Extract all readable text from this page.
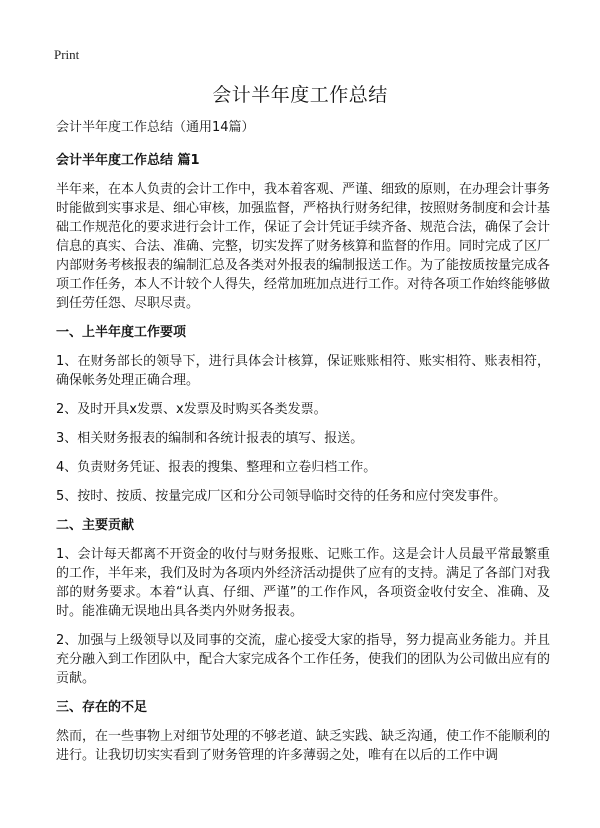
Print
会计半年度工作总结

会计半年度工作总结（通用14篇）

会计半年度工作总结 篇1

半年来，在本人负责的会计工作中，我本着客观、严谨、细致的原则，在办理会计事务时能做到实事求是、细心审核，加强监督，严格执行财务纪律，按照财务制度和会计基础工作规范化的要求进行会计工作，保证了会计凭证手续齐备、规范合法，确保了会计信息的真实、合法、准确、完整，切实发挥了财务核算和监督的作用。同时完成了区厂内部财务考核报表的编制汇总及各类对外报表的编制报送工作。为了能按质按量完成各项工作任务，本人不计较个人得失，经常加班加点进行工作。对待各项工作始终能够做到任劳任怨、尽职尽责。

一、上半年度工作要项

1、在财务部长的领导下，进行具体会计核算，保证账账相符、账实相符、账表相符，确保帐务处理正确合理。

2、及时开具x发票、x发票及时购买各类发票。

3、相关财务报表的编制和各统计报表的填写、报送。

4、负责财务凭证、报表的搜集、整理和立卷归档工作。

5、按时、按质、按量完成厂区和分公司领导临时交待的任务和应付突发事件。

二、主要贡献

1、会计每天都离不开资金的收付与财务报账、记账工作。这是会计人员最平常最繁重的工作，半年来，我们及时为各项内外经济活动提供了应有的支持。满足了各部门对我部的财务要求。本着“认真、仔细、严谨”的工作作风，各项资金收付安全、准确、及时。能准确无误地出具各类内外财务报表。

2、加强与上级领导以及同事的交流，虚心接受大家的指导，努力提高业务能力。并且充分融入到工作团队中，配合大家完成各个工作任务，使我们的团队为公司做出应有的贡献。

三、存在的不足

然而，在一些事物上对细节处理的不够老道、缺乏实践、缺乏沟通，使工作不能顺利的进行。让我切切实实看到了财务管理的许多薄弱之处，唯有在以后的工作中调
